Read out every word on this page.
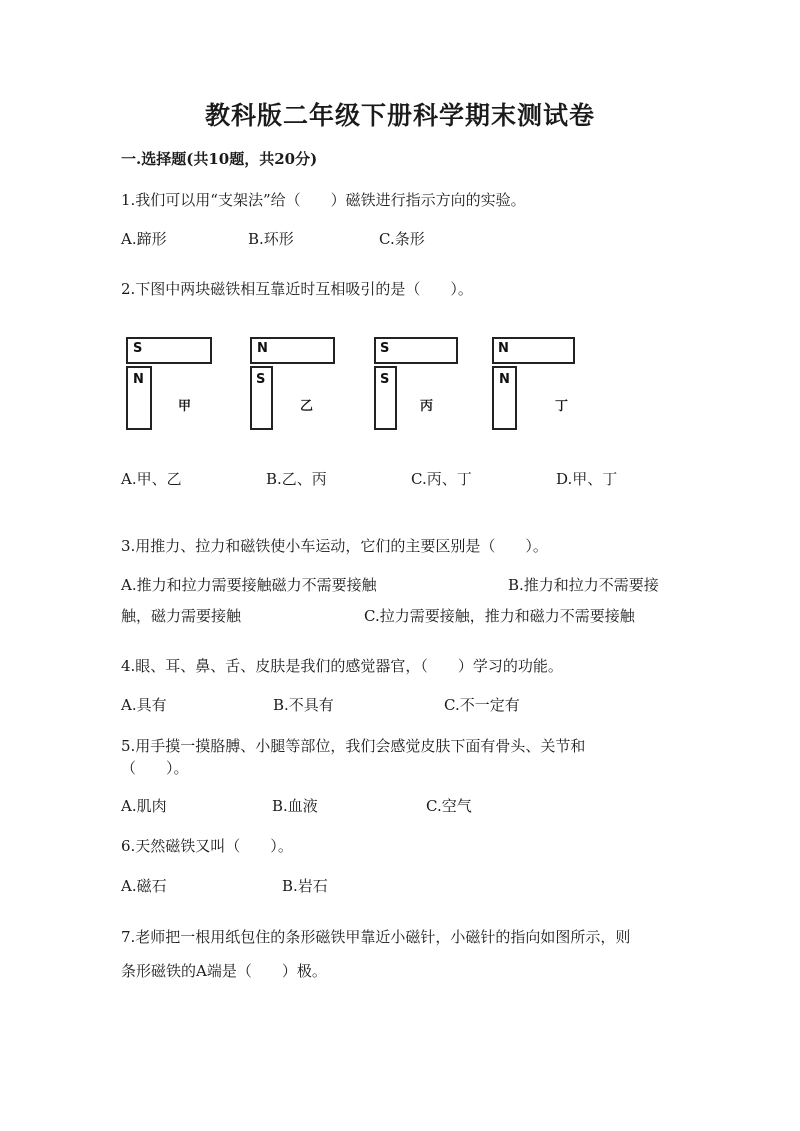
教科版二年级下册科学期末测试卷
一.选择题(共10题，共20分)
1.我们可以用“支架法”给（　　）磁铁进行指示方向的实验。
A.蹄形	B.环形	C.条形
2.下图中两块磁铁相互靠近时互相吸引的是（　　）。
S
N
甲
N
S
乙
S
S
丙
N
N
丁
A.甲、乙	B.乙、丙	C.丙、丁	D.甲、丁
3.用推力、拉力和磁铁使小车运动，它们的主要区别是（　　）。
A.推力和拉力需要接触磁力不需要接触	B.推力和拉力不需要接
触，磁力需要接触	C.拉力需要接触，推力和磁力不需要接触
4.眼、耳、鼻、舌、皮肤是我们的感觉器官，（　　）学习的功能。
A.具有	B.不具有	C.不一定有
5.用手摸一摸胳膊、小腿等部位，我们会感觉皮肤下面有骨头、关节和
（　　）。
A.肌肉	B.血液	C.空气
6.天然磁铁又叫（　　）。
A.磁石	B.岩石
7.老师把一根用纸包住的条形磁铁甲靠近小磁针，小磁针的指向如图所示，则
条形磁铁的A端是（　　）极。
